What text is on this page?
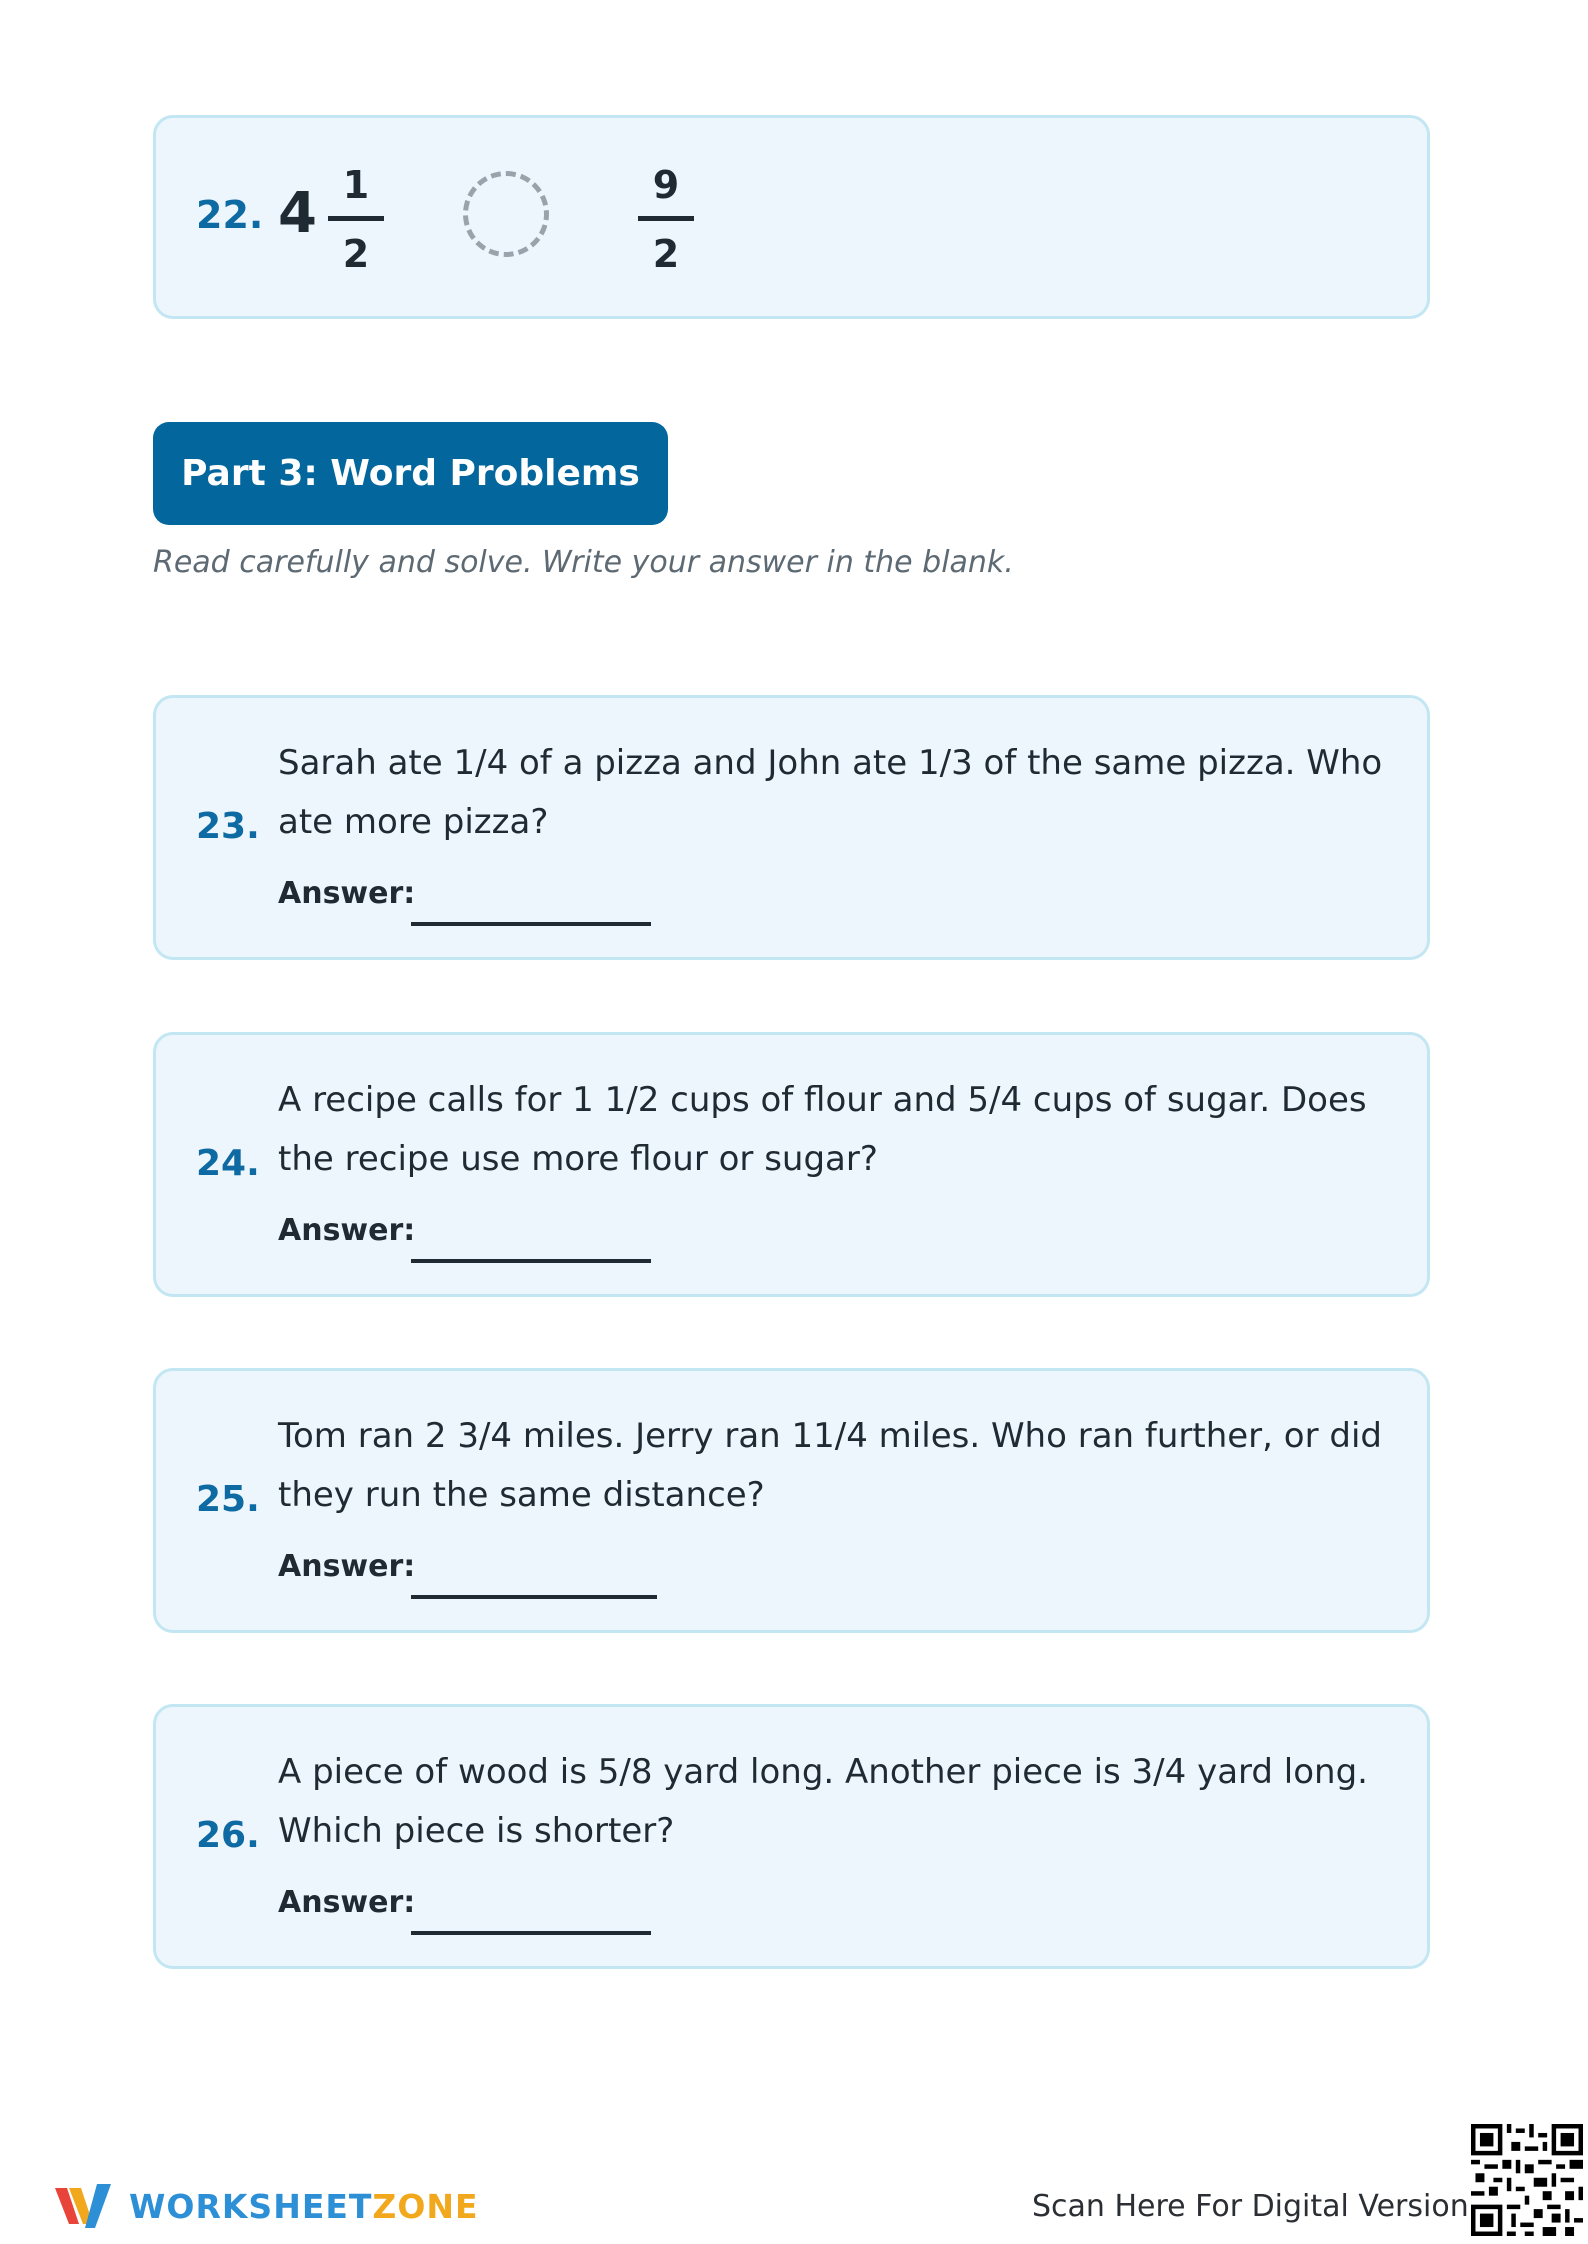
22. 4 1
2
9
2
Part 3: Word Problems
Read carefully and solve. Write your answer in the blank.
Sarah ate 1/4 of a pizza and John ate 1/3 of the same pizza. Who ate more pizza?
23.
Answer:
A recipe calls for 1 1/2 cups of flour and 5/4 cups of sugar. Does the recipe use more flour or sugar?
24.
Answer:
Tom ran 2 3/4 miles. Jerry ran 11/4 miles. Who ran further, or did they run the same distance?
25.
Answer:
A piece of wood is 5/8 yard long. Another piece is 3/4 yard long. Which piece is shorter?
26.
Answer:
WORKSHEETZONE	Scan Here For Digital Version
